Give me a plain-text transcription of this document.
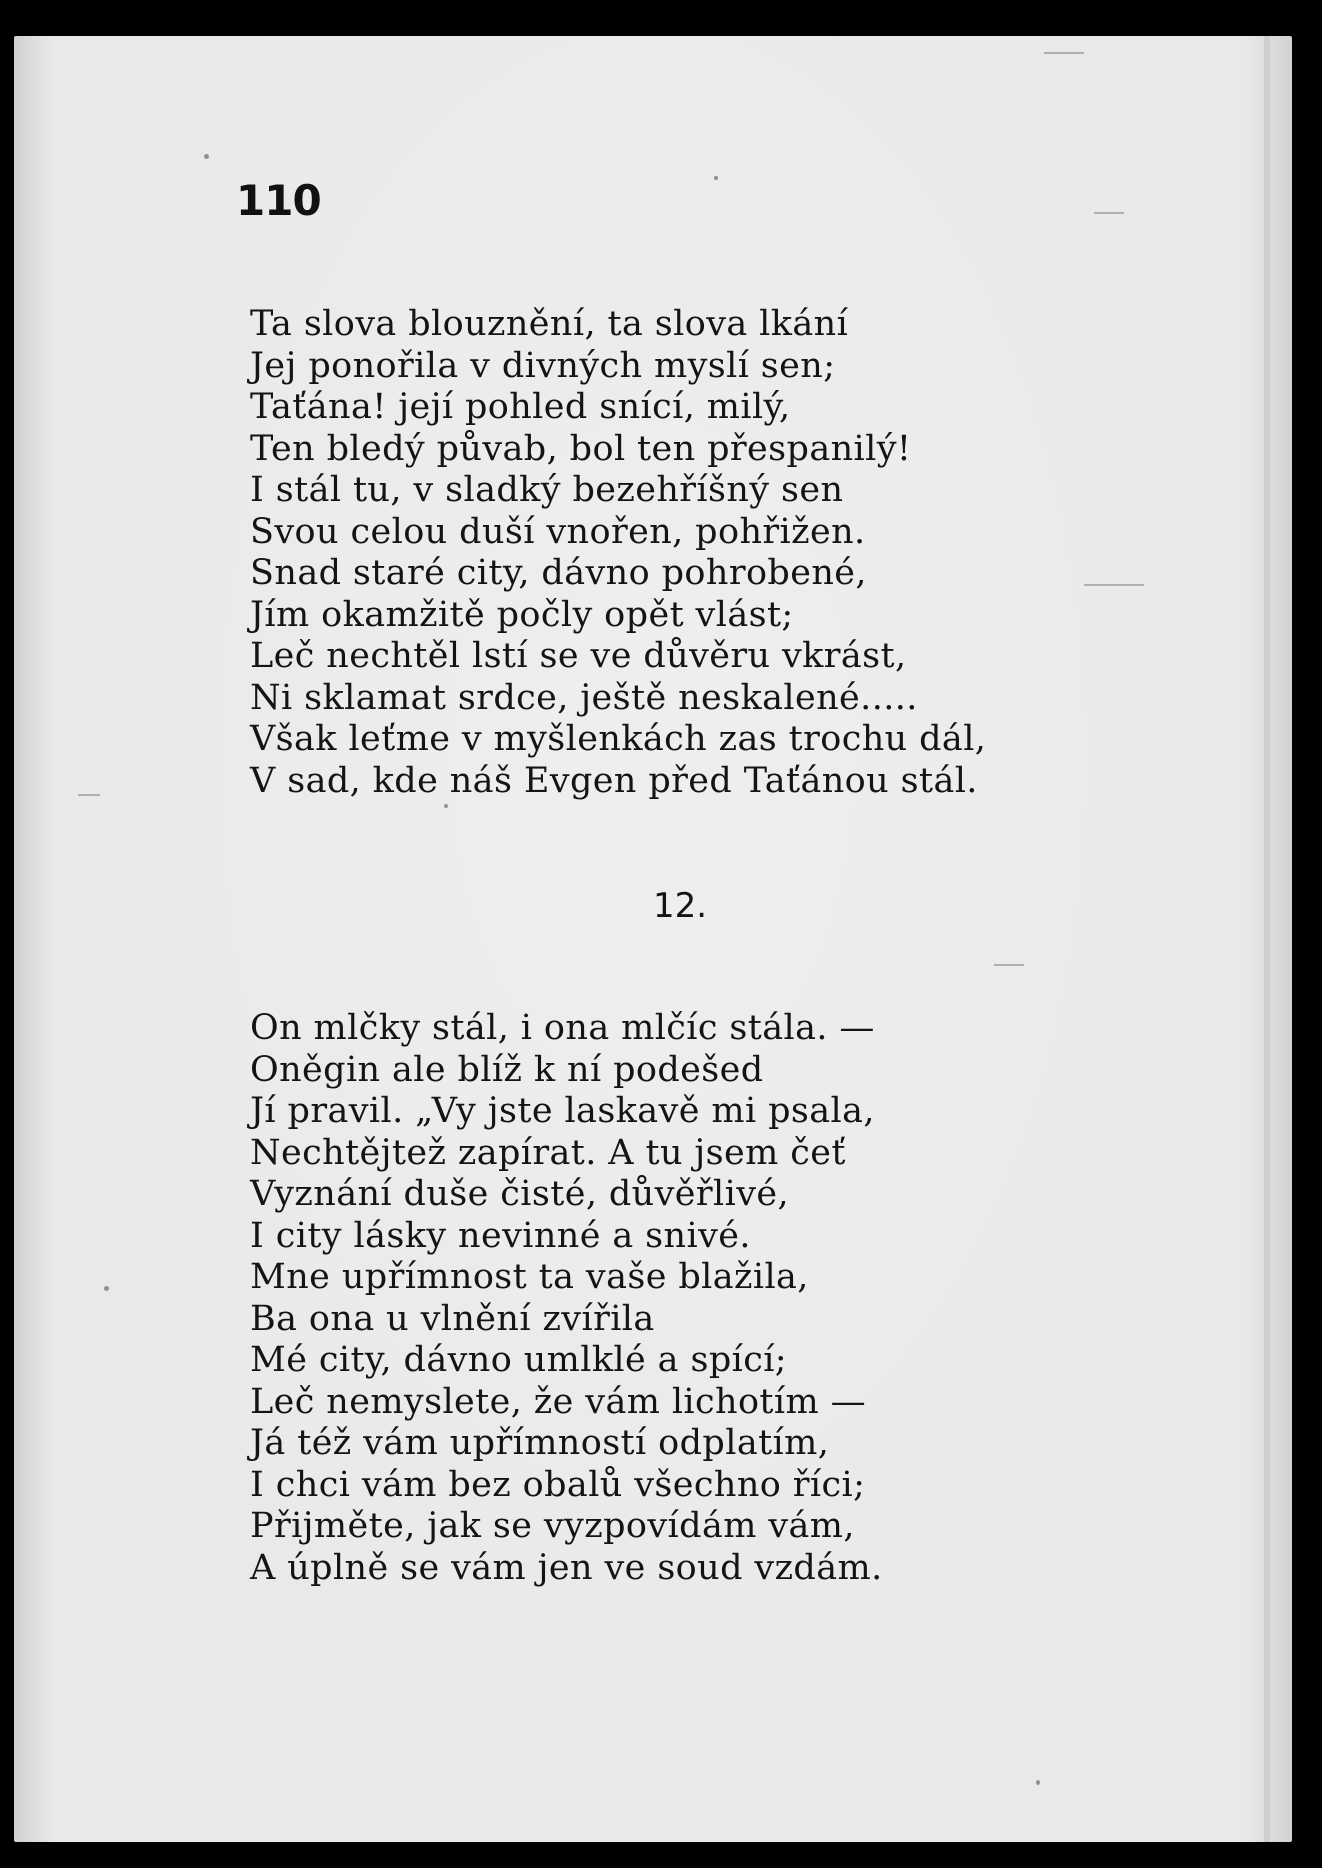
110
Ta slova blouznění, ta slova lkání
Jej ponořila v divných myslí sen;
Taťána! její pohled snící, milý,
Ten bledý půvab, bol ten přespanilý!
I stál tu, v sladký bezehříšný sen
Svou celou duší vnořen, pohřižen.
Snad staré city, dávno pohrobené,
Jím okamžitě počly opět vlást;
Leč nechtěl lstí se ve důvěru vkrást,
Ni sklamat srdce, ještě neskalené.....
Však leťme v myšlenkách zas trochu dál,
V sad, kde náš Evgen před Taťánou stál.
12.
On mlčky stál, i ona mlčíc stála. —
Oněgin ale blíž k ní podešed
Jí pravil. „Vy jste laskavě mi psala,
Nechtějtež zapírat. A tu jsem čeť
Vyznání duše čisté, důvěřlivé,
I city lásky nevinné a snivé.
Mne upřímnost ta vaše blažila,
Ba ona u vlnění zvířila
Mé city, dávno umlklé a spící;
Leč nemyslete, že vám lichotím —
Já též vám upřímností odplatím,
I chci vám bez obalů všechno říci;
Přijměte, jak se vyzpovídám vám,
A úplně se vám jen ve soud vzdám.
